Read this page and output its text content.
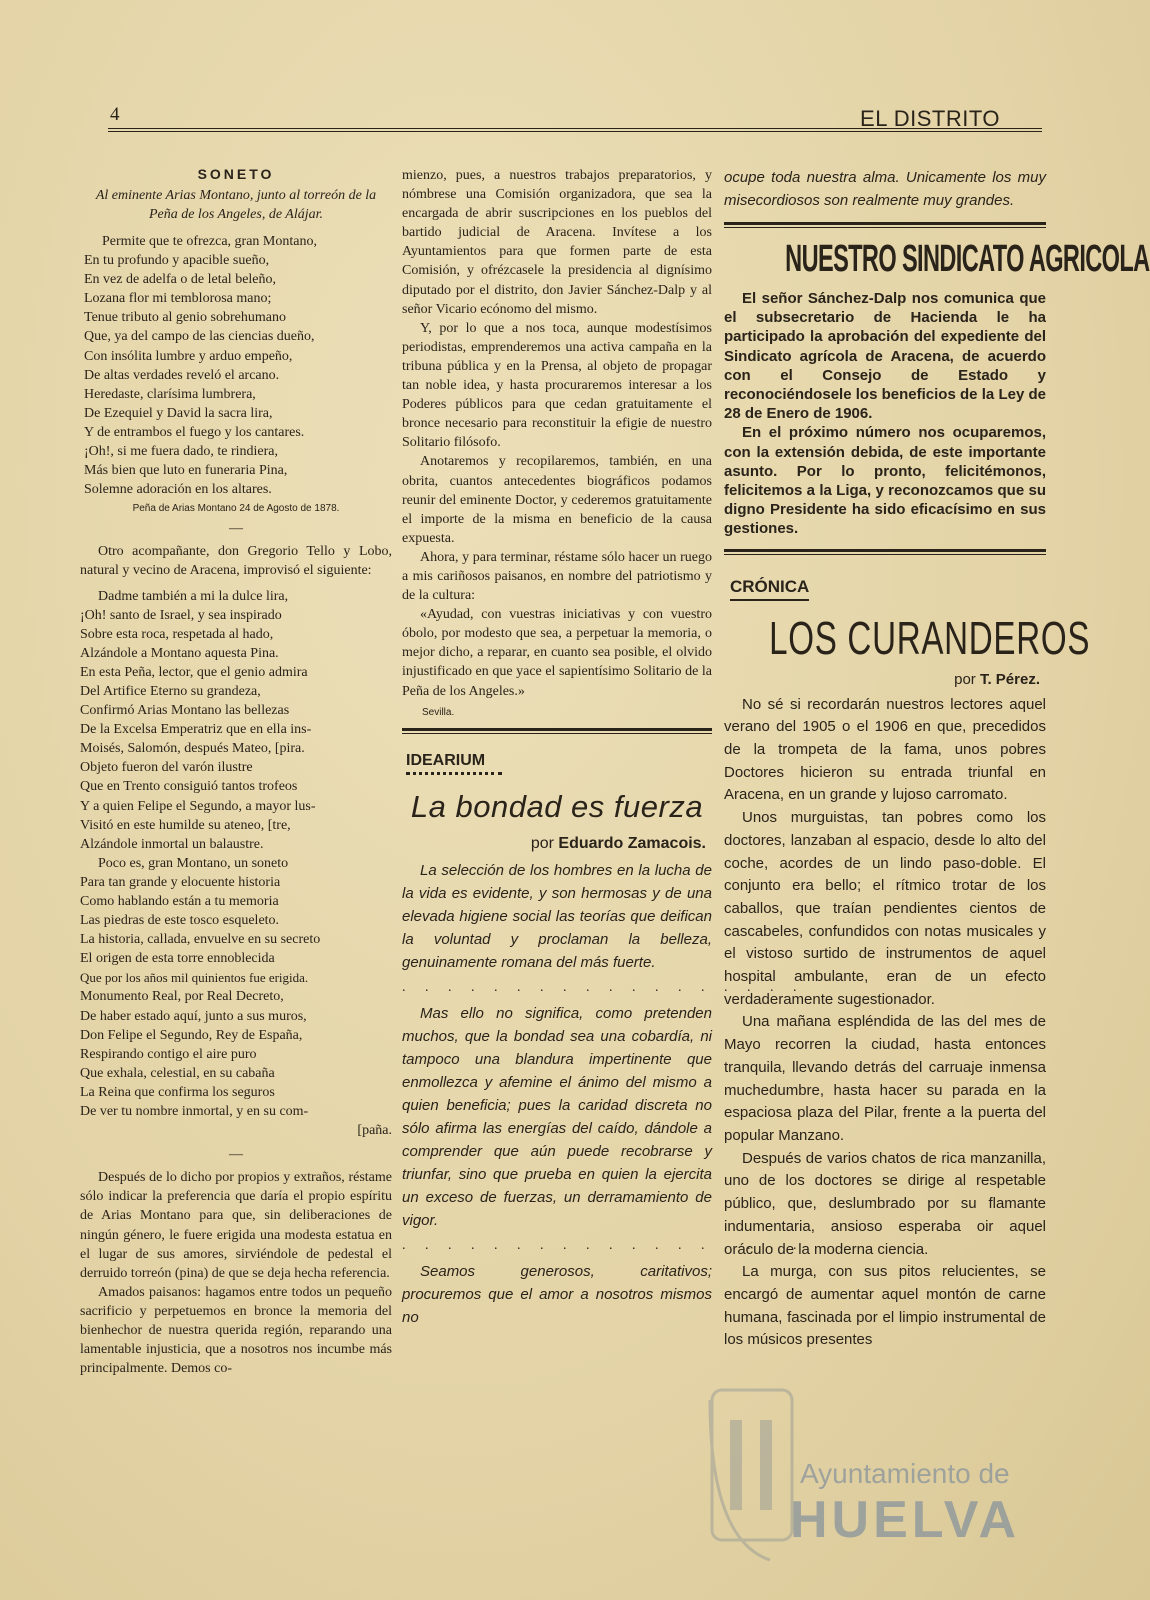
4	EL DISTRITO
SONETO

Al eminente Arias Montano, junto al torreón de la Peña de los Angeles, de Alájar.

Permite que te ofrezca, gran Montano,

En tu profundo y apacible sueño,

En vez de adelfa o de letal beleño,

Lozana flor mi temblorosa mano;

Tenue tributo al genio sobrehumano

Que, ya del campo de las ciencias dueño,

Con insólita lumbre y arduo empeño,

De altas verdades reveló el arcano.

Heredaste, clarísima lumbrera,

De Ezequiel y David la sacra lira,

Y de entrambos el fuego y los cantares.

¡Oh!, si me fuera dado, te rindiera,

Más bien que luto en funeraria Pina,

Solemne adoración en los altares.

Peña de Arias Montano 24 de Agosto de 1878.
—

Otro acompañante, don Gregorio Tello y Lobo, natural y vecino de Aracena, improvisó el siguiente:

Dadme también a mi la dulce lira,

¡Oh! santo de Israel, y sea inspirado

Sobre esta roca, respetada al hado,

Alzándole a Montano aquesta Pina.

En esta Peña, lector, que el genio admira

Del Artifice Eterno su grandeza,

Confirmó Arias Montano las bellezas

De la Excelsa Emperatriz que en ella ins-

Moisés, Salomón, después Mateo, [pira.

Objeto fueron del varón ilustre

Que en Trento consiguió tantos trofeos

Y a quien Felipe el Segundo, a mayor lus-

Visitó en este humilde su ateneo, [tre,

Alzándole inmortal un balaustre.

Poco es, gran Montano, un soneto

Para tan grande y elocuente historia

Como hablando están a tu memoria

Las piedras de este tosco esqueleto.

La historia, callada, envuelve en su secreto

El origen de esta torre ennoblecida

Que por los años mil quinientos fue erigida.

Monumento Real, por Real Decreto,

De haber estado aquí, junto a sus muros,

Don Felipe el Segundo, Rey de España,

Respirando contigo el aire puro

Que exhala, celestial, en su cabaña

La Reina que confirma los seguros

De ver tu nombre inmortal, y en su com-

[paña.

—

Después de lo dicho por propios y extraños, réstame sólo indicar la preferencia que daría el propio espíritu de Arias Montano para que, sin deliberaciones de ningún género, le fuere erigida una modesta estatua en el lugar de sus amores, sirviéndole de pedestal el derruido torreón (pina) de que se deja hecha referencia.

Amados paisanos: hagamos entre todos un pequeño sacrificio y perpetuemos en bronce la memoria del bienhechor de nuestra querida región, reparando una lamentable injusticia, que a nosotros nos incumbe más principalmente. Demos co-

mienzo, pues, a nuestros trabajos preparatorios, y nómbrese una Comisión organizadora, que sea la encargada de abrir suscripciones en los pueblos del bartido judicial de Aracena. Invítese a los Ayuntamientos para que formen parte de esta Comisión, y ofrézcasele la presidencia al dignísimo diputado por el distrito, don Javier Sánchez-Dalp y al señor Vicario ecónomo del mismo.

Y, por lo que a nos toca, aunque modestísimos periodistas, emprenderemos una activa campaña en la tribuna pública y en la Prensa, al objeto de propagar tan noble idea, y hasta procuraremos interesar a los Poderes públicos para que cedan gratuitamente el bronce necesario para reconstituir la efigie de nuestro Solitario filósofo.

Anotaremos y recopilaremos, también, en una obrita, cuantos antecedentes biográficos podamos reunir del eminente Doctor, y cederemos gratuitamente el importe de la misma en beneficio de la causa expuesta.

Ahora, y para terminar, réstame sólo hacer un ruego a mis cariñosos paisanos, en nombre del patriotismo y de la cultura:

«Ayudad, con vuestras iniciativas y con vuestro óbolo, por modesto que sea, a perpetuar la memoria, o mejor dicho, a reparar, en cuanto sea posible, el olvido injustificado en que yace el sapientísimo Solitario de la Peña de los Angeles.»

Sevilla.
IDEARIUM
La bondad es fuerza
por Eduardo Zamacois.

La selección de los hombres en la lucha de la vida es evidente, y son hermosas y de una elevada higiene social las teorías que deifican la voluntad y proclaman la belleza, genuinamente romana del más fuerte.

. . . . . . . . . . . . . . . . . .

Mas ello no significa, como pretenden muchos, que la bondad sea una cobardía, ni tampoco una blandura impertinente que enmollezca y afemine el ánimo del mismo a quien beneficia; pues la caridad discreta no sólo afirma las energías del caído, dándole a comprender que aún puede recobrarse y triunfar, sino que prueba en quien la ejercita un exceso de fuerzas, un derramamiento de vigor.

. . . . . . . . . . . . . . . . . .

Seamos generosos, caritativos; procuremos que el amor a nosotros mismos no

ocupe toda nuestra alma. Unicamente los muy misecordiosos son realmente muy grandes.

NUESTRO SINDICATO AGRICOLA

El señor Sánchez-Dalp nos comunica que el subsecretario de Hacienda le ha participado la aprobación del expediente del Sindicato agrícola de Aracena, de acuerdo con el Consejo de Estado y reconociéndosele los beneficios de la Ley de 28 de Enero de 1906.

En el próximo número nos ocuparemos, con la extensión debida, de este importante asunto. Por lo pronto, felicitémonos, felicitemos a la Liga, y reconozcamos que su digno Presidente ha sido eficacísimo en sus gestiones.

CRÓNICA
LOS CURANDEROS
por T. Pérez.

No sé si recordarán nuestros lectores aquel verano del 1905 o el 1906 en que, precedidos de la trompeta de la fama, unos pobres Doctores hicieron su entrada triunfal en Aracena, en un grande y lujoso carromato.

Unos murguistas, tan pobres como los doctores, lanzaban al espacio, desde lo alto del coche, acordes de un lindo paso-doble. El conjunto era bello; el rítmico trotar de los caballos, que traían pendientes cientos de cascabeles, confundidos con notas musicales y el vistoso surtido de instrumentos de aquel hospital ambulante, eran de un efecto verdaderamente sugestionador.

Una mañana espléndida de las del mes de Mayo recorren la ciudad, hasta entonces tranquila, llevando detrás del carruaje inmensa muchedumbre, hasta hacer su parada en la espaciosa plaza del Pilar, frente a la puerta del popular Manzano.

Después de varios chatos de rica manzanilla, uno de los doctores se dirige al respetable público, que, deslumbrado por su flamante indumentaria, ansioso esperaba oir aquel oráculo de la moderna ciencia.

La murga, con sus pitos relucientes, se encargó de aumentar aquel montón de carne humana, fascinada por el limpio instrumental de los músicos presentes

Ayuntamiento de
HUELVA
